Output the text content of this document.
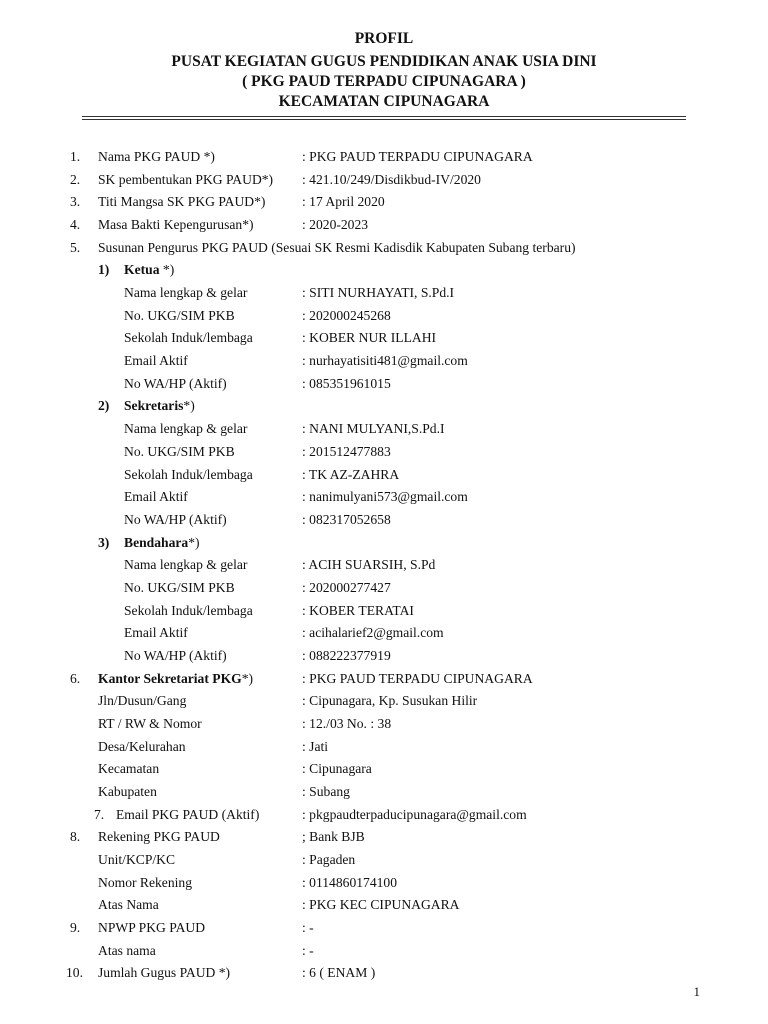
PROFIL
PUSAT KEGIATAN GUGUS PENDIDIKAN ANAK USIA DINI
( PKG PAUD TERPADU CIPUNAGARA )
KECAMATAN CIPUNAGARA
1. Nama PKG PAUD *)	: PKG PAUD TERPADU CIPUNAGARA
2. SK pembentukan PKG PAUD*) : 421.10/249/Disdikbud-IV/2020
3. Titi Mangsa SK PKG PAUD*)	: 17 April 2020
4. Masa Bakti Kepengurusan*)	: 2020-2023
5. Susunan Pengurus PKG PAUD (Sesuai SK Resmi Kadisdik Kabupaten Subang terbaru)
1) Ketua *)
Nama lengkap & gelar	: SITI NURHAYATI, S.Pd.I
No. UKG/SIM PKB	: 202000245268
Sekolah Induk/lembaga	: KOBER NUR ILLAHI
Email Aktif	: nurhayatisiti481@gmail.com
No WA/HP (Aktif)	: 085351961015
2) Sekretaris*)
Nama lengkap & gelar	: NANI MULYANI,S.Pd.I
No. UKG/SIM PKB	: 201512477883
Sekolah Induk/lembaga	: TK AZ-ZAHRA
Email Aktif	: nanimulyani573@gmail.com
No WA/HP (Aktif)	: 082317052658
3) Bendahara*)
Nama lengkap & gelar	: ACIH SUARSIH, S.Pd
No. UKG/SIM PKB	: 202000277427
Sekolah Induk/lembaga	: KOBER TERATAI
Email Aktif	: acihalarief2@gmail.com
No WA/HP (Aktif)	: 088222377919
6. Kantor Sekretariat PKG*)	: PKG PAUD TERPADU CIPUNAGARA
Jln/Dusun/Gang	: Cipunagara, Kp. Susukan Hilir
RT / RW & Nomor	: 12./03 No. : 38
Desa/Kelurahan	: Jati
Kecamatan	: Cipunagara
Kabupaten	: Subang
7. Email PKG PAUD (Aktif)	: pkgpaudterpaducipunagara@gmail.com
8. Rekening PKG PAUD	; Bank BJB
Unit/KCP/KC	: Pagaden
Nomor Rekening	: 0114860174100
Atas Nama	: PKG KEC CIPUNAGARA
9. NPWP PKG PAUD	: -
Atas nama	: -
10. Jumlah Gugus PAUD *)	: 6 ( ENAM )
1
